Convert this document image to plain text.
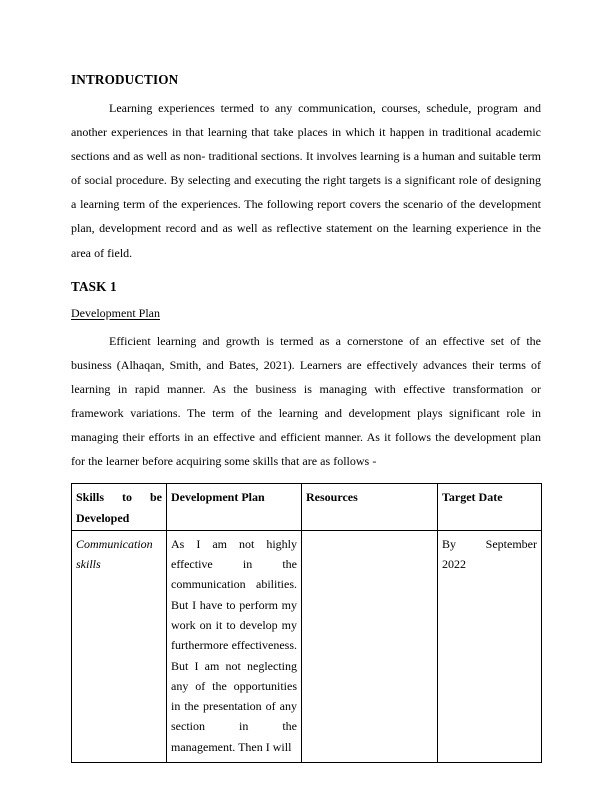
INTRODUCTION

Learning experiences termed to any communication, courses, schedule, program and another experiences in that learning that take places in which it happen in traditional academic sections and as well as non- traditional sections. It involves learning is a human and suitable term of social procedure. By selecting and executing the right targets is a significant role of designing a learning term of the experiences. The following report covers the scenario of the development plan, development record and as well as reflective statement on the learning experience in the area of field.

TASK 1
Development Plan

Efficient learning and growth is termed as a cornerstone of an effective set of the business (Alhaqan, Smith, and Bates, 2021). Learners are effectively advances their terms of learning in rapid manner. As the business is managing with effective transformation or framework variations. The term of the learning and development plays significant role in managing their efforts in an effective and efficient manner. As it follows the development plan for the learner before acquiring some skills that are as follows -

Skills to be Developed	Development Plan	Resources	Target Date
Communication skills	As I am not highly effective in the communication abilities. But I have to perform my work on it to develop my furthermore effectiveness. But I am not neglecting any of the opportunities in the presentation of any section in the management. Then I will		By September 2022
